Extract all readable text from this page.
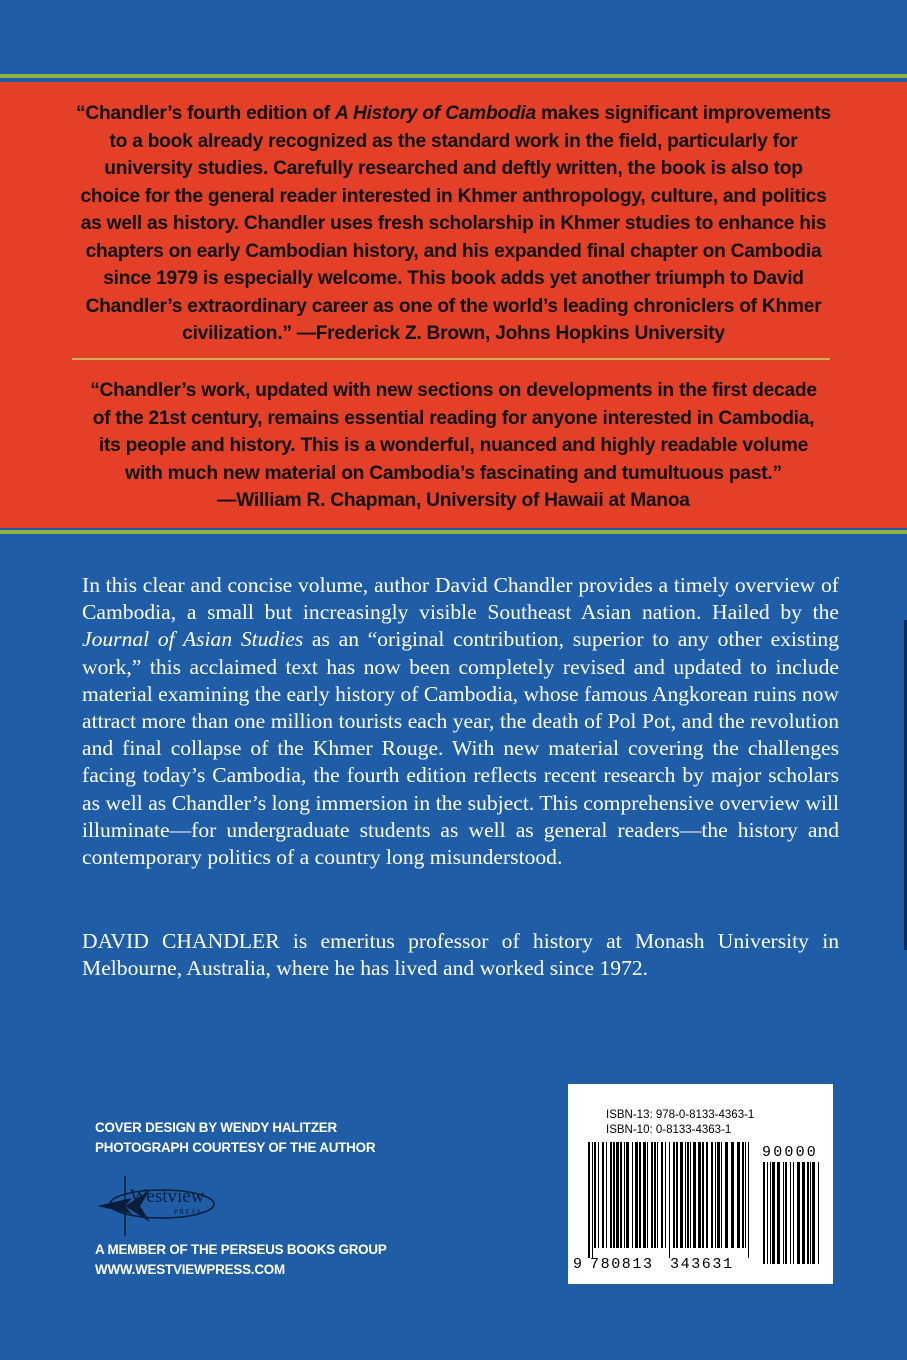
“Chandler’s fourth edition of A History of Cambodia makes significant improvements
to a book already recognized as the standard work in the field, particularly for
university studies. Carefully researched and deftly written, the book is also top
choice for the general reader interested in Khmer anthropology, culture, and politics
as well as history. Chandler uses fresh scholarship in Khmer studies to enhance his
chapters on early Cambodian history, and his expanded final chapter on Cambodia
since 1979 is especially welcome. This book adds yet another triumph to David
Chandler’s extraordinary career as one of the world’s leading chroniclers of Khmer
civilization.” —Frederick Z. Brown, Johns Hopkins University
“Chandler’s work, updated with new sections on developments in the first decade
of the 21st century, remains essential reading for anyone interested in Cambodia,
its people and history. This is a wonderful, nuanced and highly readable volume
with much new material on Cambodia’s fascinating and tumultuous past.”
—William R. Chapman, University of Hawaii at Manoa
In this clear and concise volume, author David Chandler provides a timely overview of Cambodia, a small but increasingly visible Southeast Asian nation. Hailed by the Journal of Asian Studies as an “original contribution, superior to any other existing work,” this acclaimed text has now been completely revised and updated to include material examining the early history of Cambodia, whose famous Angkorean ruins now attract more than one million tourists each year, the death of Pol Pot, and the revolution and final collapse of the Khmer Rouge. With new material covering the challenges facing today’s Cambodia, the fourth edition reflects recent research by major scholars as well as Chandler’s long immersion in the subject. This comprehensive overview will illuminate—for undergraduate students as well as general readers—the history and contemporary politics of a country long misunderstood.
DAVID CHANDLER is emeritus professor of history at Monash University in Melbourne, Australia, where he has lived and worked since 1972.
COVER DESIGN BY WENDY HALITZER
PHOTOGRAPH COURTESY OF THE AUTHOR
Westview
PRESS
A MEMBER OF THE PERSEUS BOOKS GROUP
WWW.WESTVIEWPRESS.COM
ISBN-13: 978-0-8133-4363-1
ISBN-10: 0-8133-4363-1
9 780813 343631
90000
